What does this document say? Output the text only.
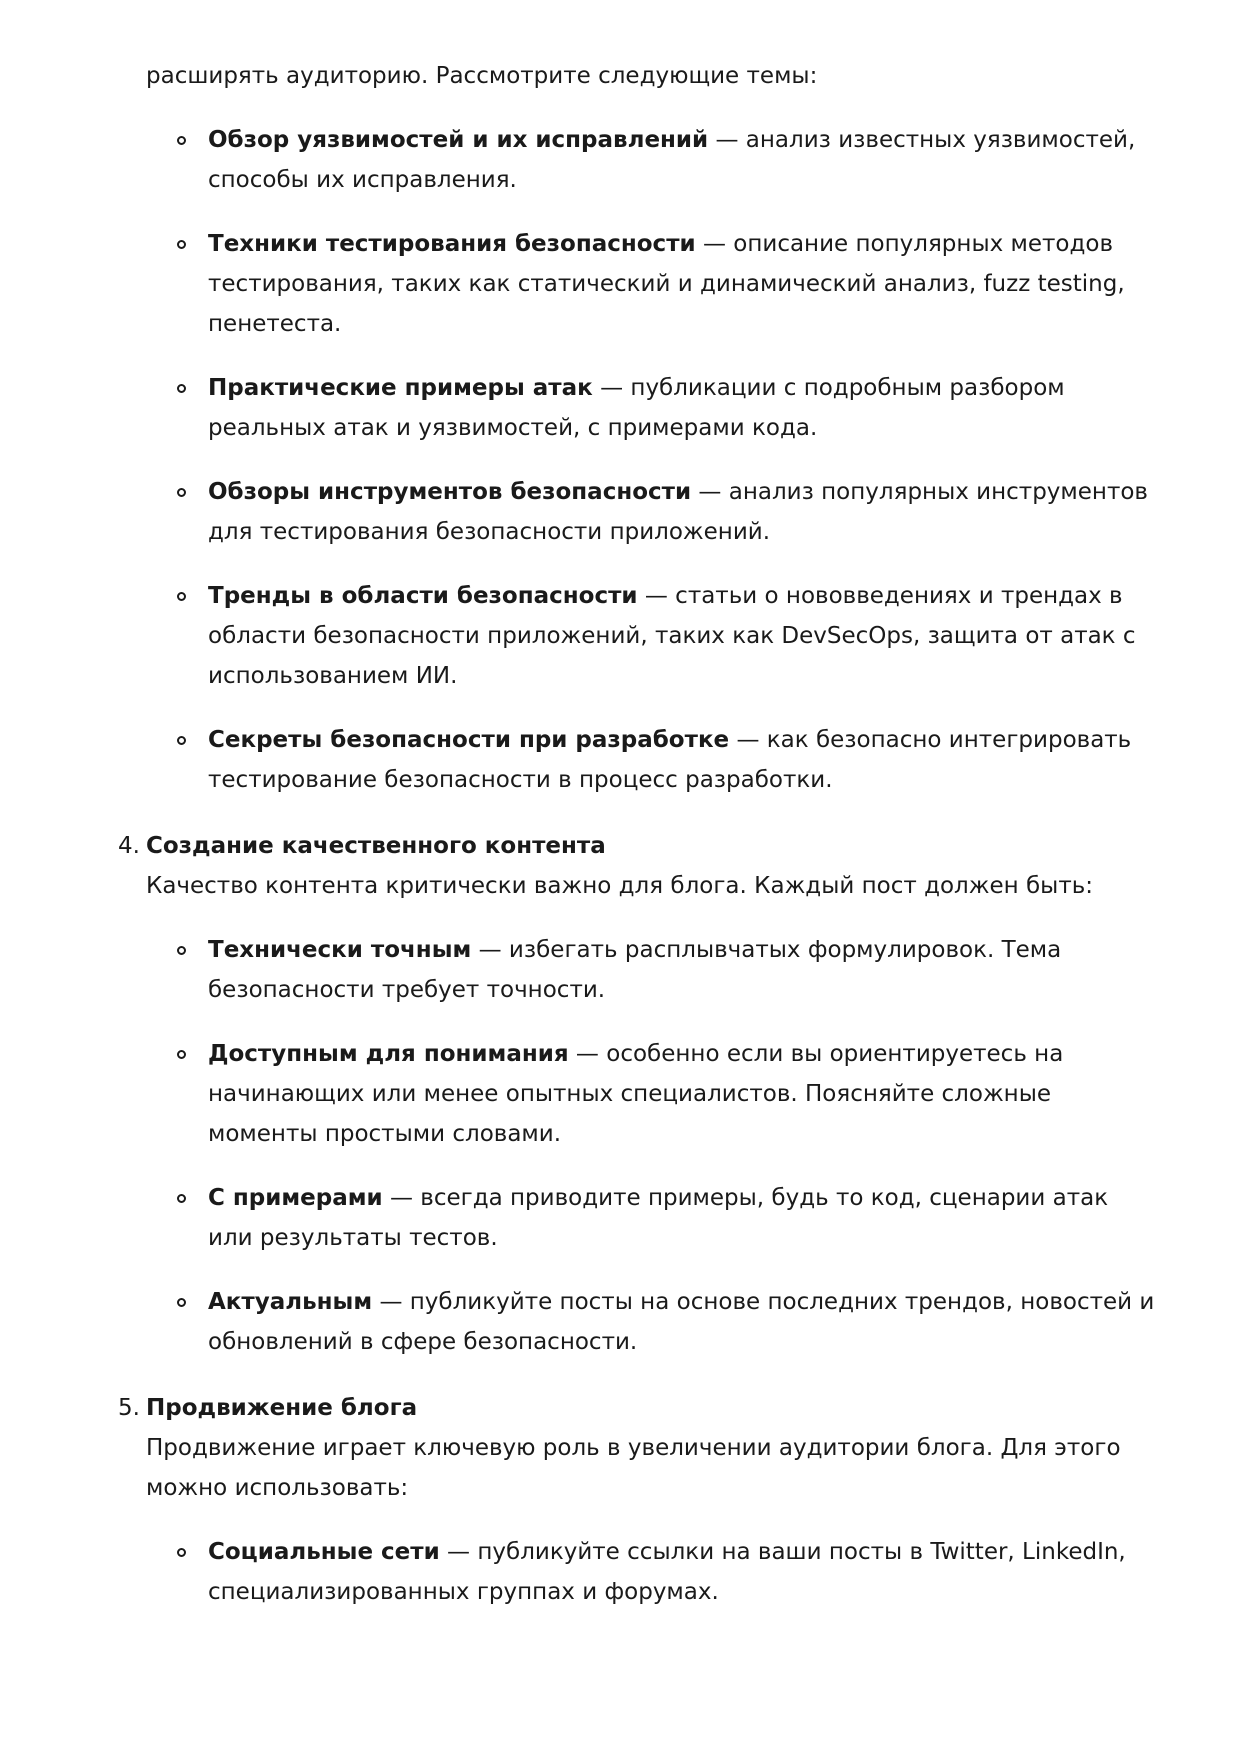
расширять аудиторию. Рассмотрите следующие темы:

Обзор уязвимостей и их исправлений — анализ известных уязвимостей, способы их исправления.
Техники тестирования безопасности — описание популярных методов тестирования, таких как статический и динамический анализ, fuzz testing, пенетеста.
Практические примеры атак — публикации с подробным разбором реальных атак и уязвимостей, с примерами кода.
Обзоры инструментов безопасности — анализ популярных инструментов для тестирования безопасности приложений.
Тренды в области безопасности — статьи о нововведениях и трендах в области безопасности приложений, таких как DevSecOps, защита от атак с использованием ИИ.
Секреты безопасности при разработке — как безопасно интегрировать тестирование безопасности в процесс разработки.
4. Создание качественного контента

Качество контента критически важно для блога. Каждый пост должен быть:

Технически точным — избегать расплывчатых формулировок. Тема безопасности требует точности.
Доступным для понимания — особенно если вы ориентируетесь на начинающих или менее опытных специалистов. Поясняйте сложные моменты простыми словами.
С примерами — всегда приводите примеры, будь то код, сценарии атак или результаты тестов.
Актуальным — публикуйте посты на основе последних трендов, новостей и обновлений в сфере безопасности.
5. Продвижение блога

Продвижение играет ключевую роль в увеличении аудитории блога. Для этого можно использовать:

Социальные сети — публикуйте ссылки на ваши посты в Twitter, LinkedIn, специализированных группах и форумах.
